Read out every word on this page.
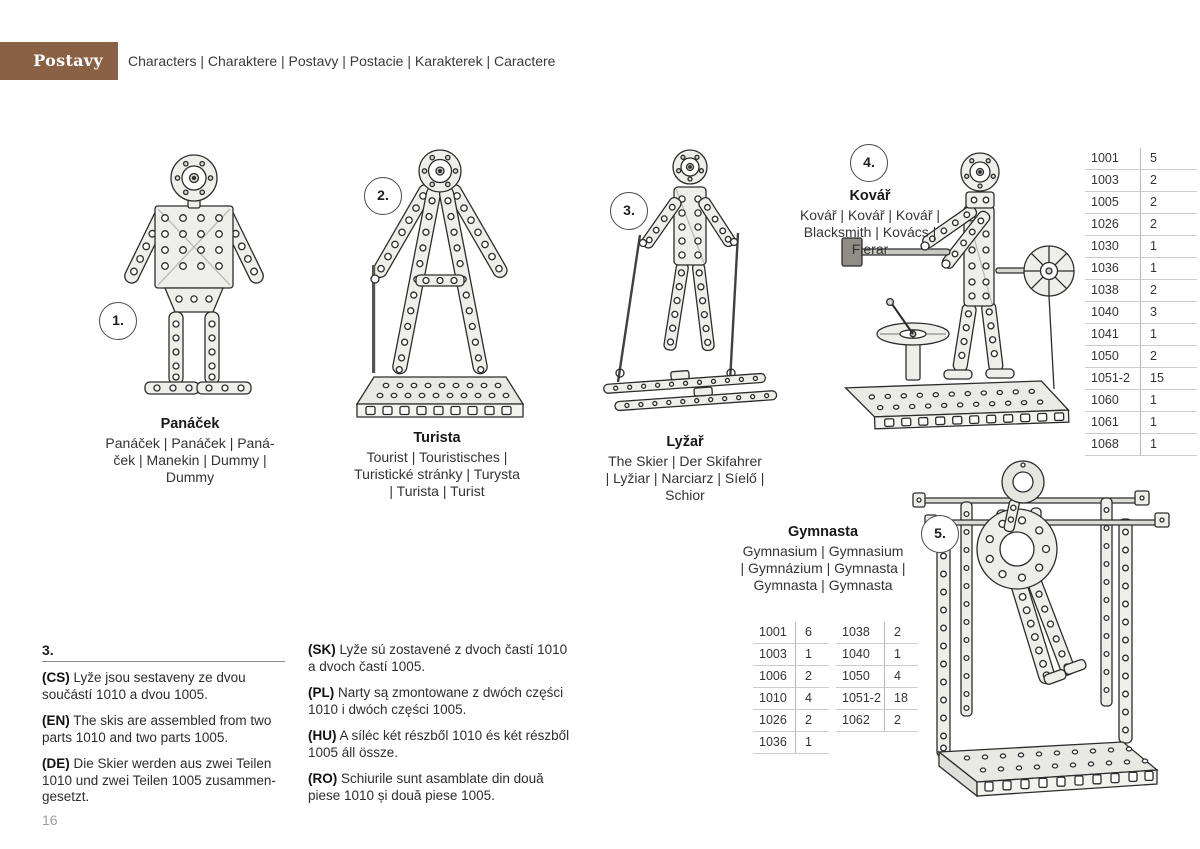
Postavy	Characters | Charaktere | Postavy | Postacie | Karakterek | Caractere
1.
2.
3.
4.
5.
Panáček
Panáček | Panáček | Paná-
ček | Manekin | Dummy |
Dummy
Turista
Tourist | Touristisches |
Turistické stránky | Turysta
| Turista | Turist
Lyžař
The Skier | Der Skifahrer
| Lyžiar | Narciarz | Síelő |
Schior
Kovář
Kovář | Kovář | Kovář |
Blacksmith | Kovács |
Fierar
1001	5
1003	2
1005	2
1026	2
1030	1
1036	1
1038	2
1040	3
1041	1
1050	2
1051-2	15
1060	1
1061	1
1068	1
Gymnasta
Gymnasium | Gymnasium
| Gymnázium | Gymnasta |
Gymnasta | Gymnasta
1001	6
1003	1
1006	2
1010	4
1026	2
1036	1
1038	2
1040	1
1050	4
1051-2	18
1062	2
3.

(CS) Lyže jsou sestaveny ze dvou součástí 1010 a dvou 1005.

(EN) The skis are assembled from two parts 1010 and two parts 1005.

(DE) Die Skier werden aus zwei Teilen 1010 und zwei Teilen 1005 zusammen-gesetzt.

(SK) Lyže sú zostavené z dvoch častí 1010 a dvoch častí 1005.

(PL) Narty są zmontowane z dwóch części 1010 i dwóch części 1005.

(HU) A síléc két részből 1010 és két részből 1005 áll össze.

(RO) Schiurile sunt asamblate din două piese 1010 și două piese 1005.

16
